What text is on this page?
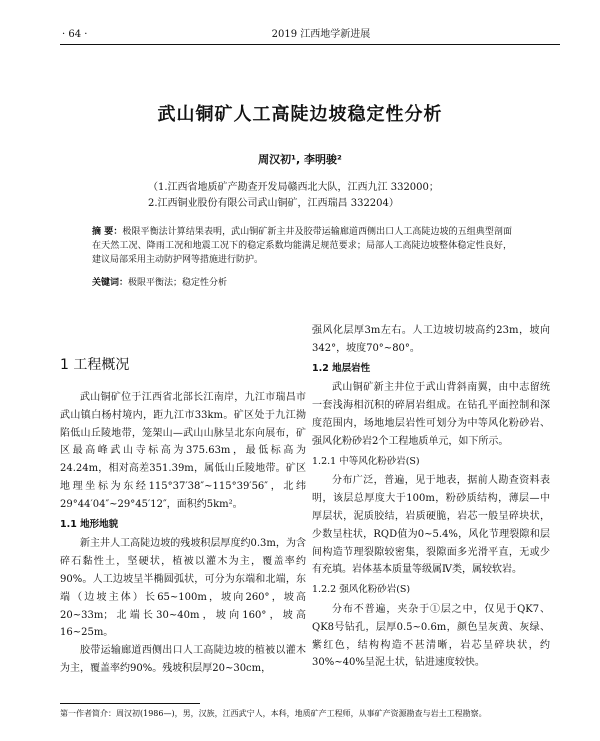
· 64 ·	2019 江西地学新进展
武山铜矿人工高陡边坡稳定性分析
周汉初¹, 李明骏²
（1.江西省地质矿产勘查开发局赣西北大队，江西九江 332000；
2.江西铜业股份有限公司武山铜矿，江西瑞昌 332204）
摘 要：极限平衡法计算结果表明，武山铜矿新主井及胶带运输廊道西侧出口人工高陡边坡的五组典型剖面在天然工况、降雨工况和地震工况下的稳定系数均能满足规范要求；局部人工高陡边坡整体稳定性良好，建议局部采用主动防护网等措施进行防护。
关键词：极限平衡法；稳定性分析

1 工程概况

武山铜矿位于江西省北部长江南岸，九江市瑞昌市武山镇白杨村境内，距九江市33km。矿区处于九江拗陷低山丘陵地带，笼架山—武山山脉呈北东向展布，矿区最高峰武山寺标高为375.63m，最低标高为24.24m，相对高差351.39m，属低山丘陵地带。矿区地理坐标为东经115°37′38″~115°39′56″，北纬29°44′04″~29°45′12″，面积约5km²。

1.1 地形地貌

新主井人工高陡边坡的残坡积层厚度约0.3m，为含碎石黏性土，坚硬状，植被以灌木为主，覆盖率约90%。人工边坡呈半椭圆弧状，可分为东端和北端，东端（边坡主体）长65~100m，坡向260°，坡高20~33m；北端长30~40m，坡向160°，坡高16~25m。

胶带运输廊道西侧出口人工高陡边坡的植被以灌木为主，覆盖率约90%。残坡积层厚20~30cm，

强风化层厚3m左右。人工边坡切坡高约23m，坡向342°，坡度70°~80°。

1.2 地层岩性

武山铜矿新主井位于武山背斜南翼，由中志留统一套浅海相沉积的碎屑岩组成。在钻孔平面控制和深度范围内，场地地层岩性可划分为中等风化粉砂岩、强风化粉砂岩2个工程地质单元，如下所示。

1.2.1 中等风化粉砂岩(S)

分布广泛，普遍，见于地表，据前人勘查资料表明，该层总厚度大于100m，粉砂质结构，薄层—中厚层状，泥质胶结，岩质硬脆，岩芯一般呈碎块状，少数呈柱状，RQD值为0~5.4%，风化节理裂隙和层间构造节理裂隙较密集，裂隙面多光滑平直，无或少有充填。岩体基本质量等级属Ⅳ类，属较软岩。

1.2.2 强风化粉砂岩(S)

分布不普遍，夹杂于①层之中，仅见于QK7、QK8号钻孔，层厚0.5~0.6m，颜色呈灰黄、灰绿、紫红色，结构构造不甚清晰，岩芯呈碎块状，约30%~40%呈泥土状，钻进速度较快。

第一作者简介：周汉初(1986—)，男，汉族，江西武宁人，本科，地质矿产工程师，从事矿产资源勘查与岩土工程勘察。
